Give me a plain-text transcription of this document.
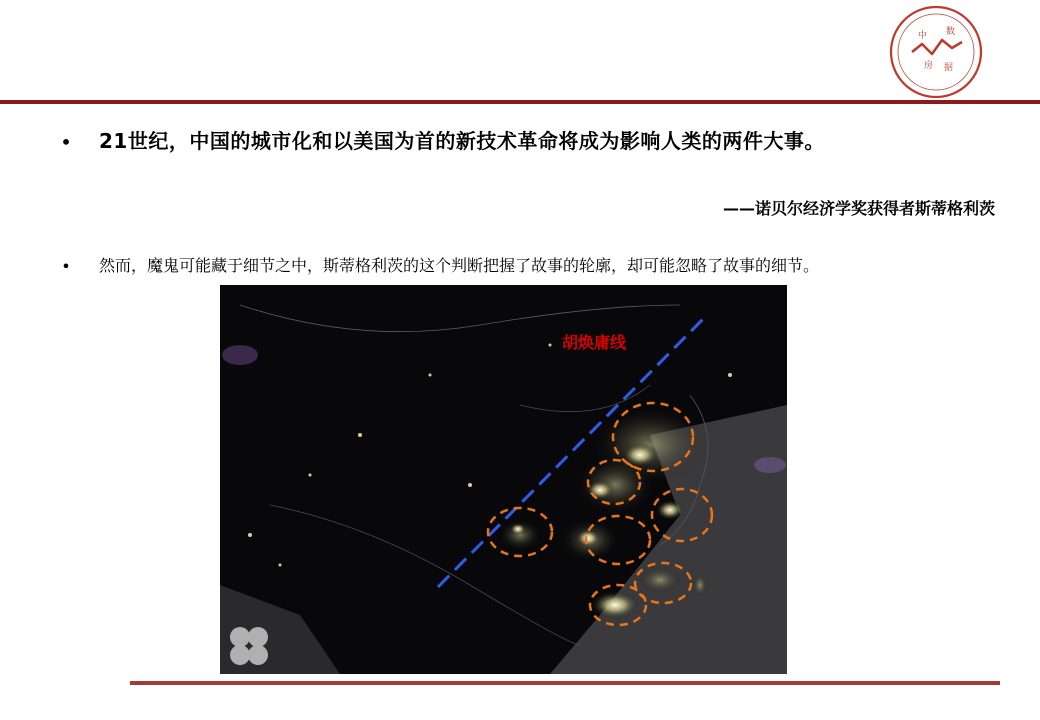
中 数
房 据
• 21世纪，中国的城市化和以美国为首的新技术革命将成为影响人类的两件大事。
——诺贝尔经济学奖获得者斯蒂格利茨
• 然而，魔鬼可能藏于细节之中，斯蒂格利茨的这个判断把握了故事的轮廓，却可能忽略了故事的细节。
胡焕庸线
